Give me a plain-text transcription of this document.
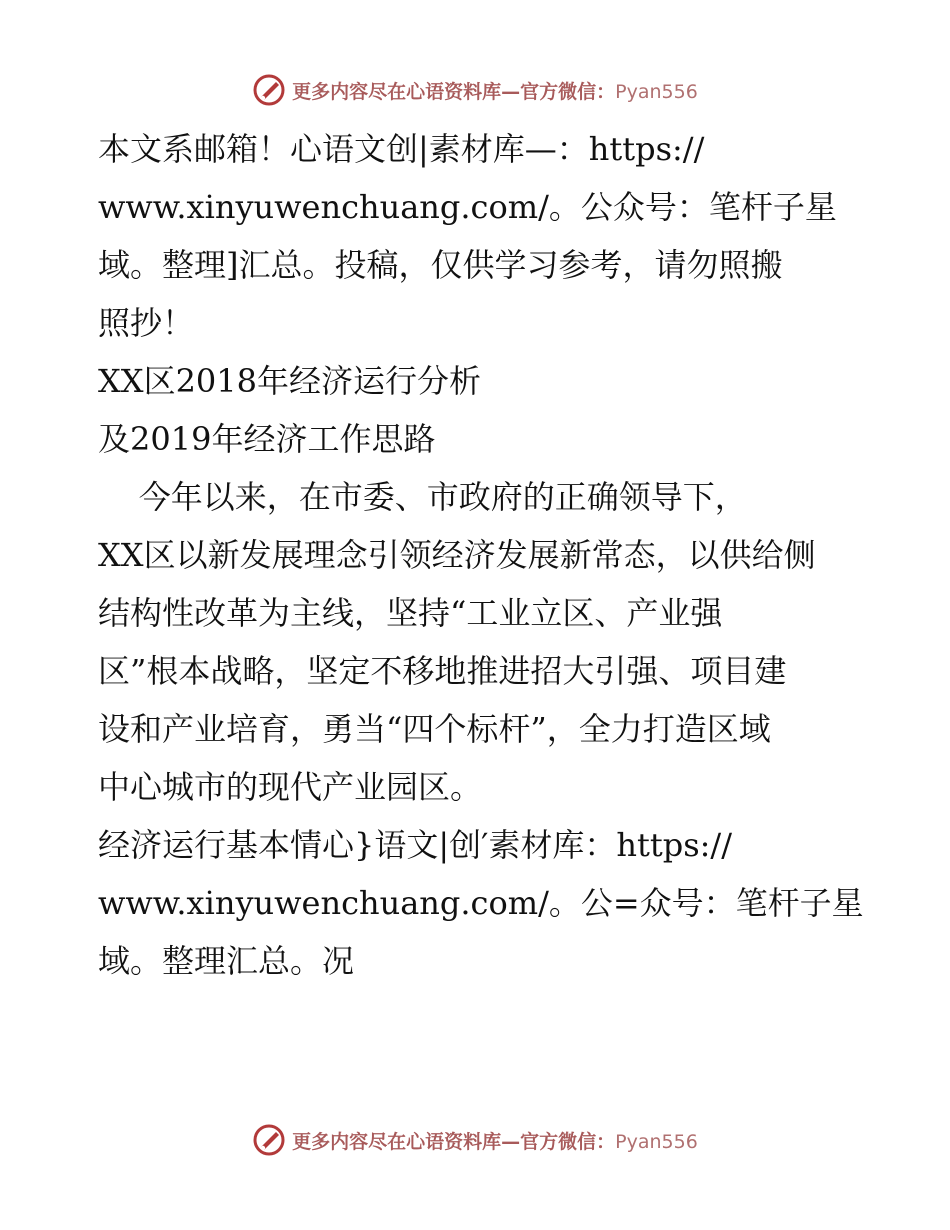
更多内容尽在心语资料库—官方微信：Pyan556

本文系邮箱！心语文创|素材库—：https://

www.xinyuwenchuang.com/。公众号：笔杆子星

域。整理]汇总。投稿，仅供学习参考，请勿照搬

照抄！

XX区2018年经济运行分析

及2019年经济工作思路

今年以来，在市委、市政府的正确领导下，

XX区以新发展理念引领经济发展新常态，以供给侧

结构性改革为主线，坚持“工业立区、产业强

区”根本战略，坚定不移地推进招大引强、项目建

设和产业培育，勇当“四个标杆”，全力打造区域

中心城市的现代产业园区。

经济运行基本情心}语文|创′素材库：https://

www.xinyuwenchuang.com/。公=众号：笔杆子星

域。整理汇总。况

更多内容尽在心语资料库—官方微信：Pyan556
